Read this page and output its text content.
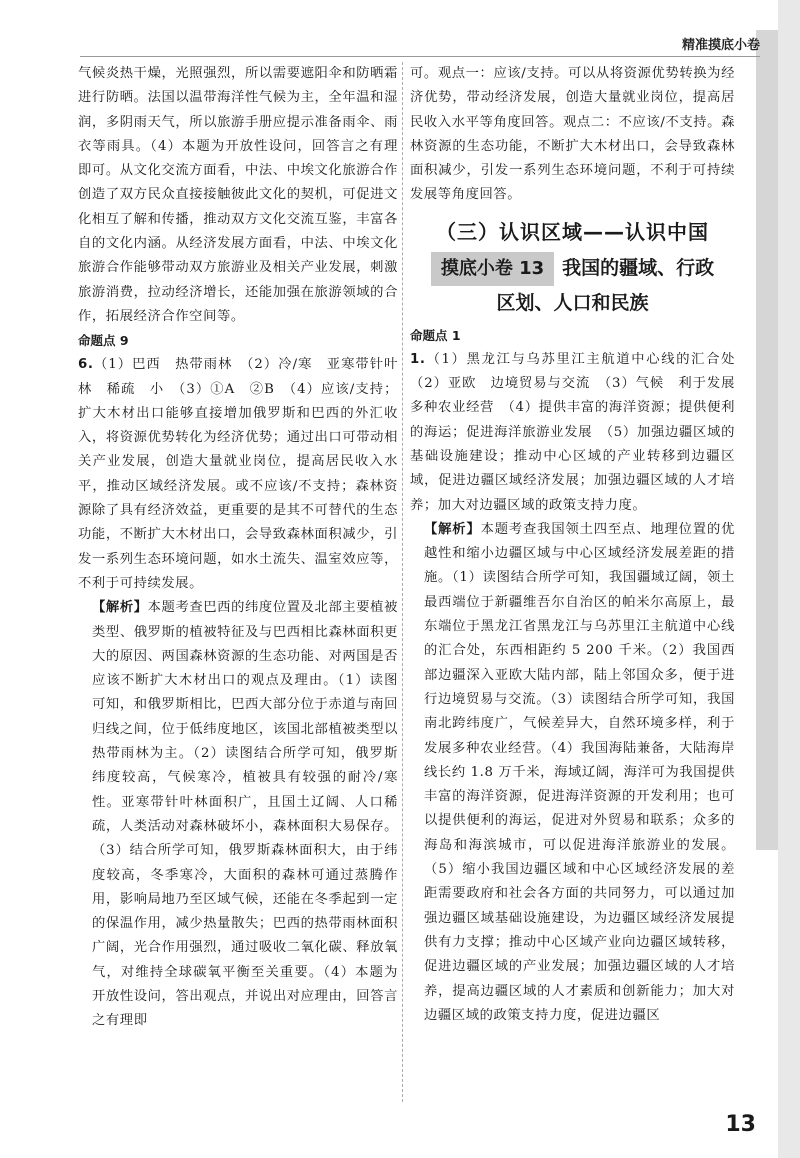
精准摸底小卷

气候炎热干燥，光照强烈，所以需要遮阳伞和防晒霜进行防晒。法国以温带海洋性气候为主，全年温和湿润，多阴雨天气，所以旅游手册应提示准备雨伞、雨衣等雨具。（4）本题为开放性设问，回答言之有理即可。从文化交流方面看，中法、中埃文化旅游合作创造了双方民众直接接触彼此文化的契机，可促进文化相互了解和传播，推动双方文化交流互鉴，丰富各自的文化内涵。从经济发展方面看，中法、中埃文化旅游合作能够带动双方旅游业及相关产业发展，刺激旅游消费，拉动经济增长，还能加强在旅游领域的合作，拓展经济合作空间等。

命题点 9

6.（1）巴西　热带雨林　（2）冷/寒　亚寒带针叶林　稀疏　小　（3）①A　②B　（4）应该/支持；扩大木材出口能够直接增加俄罗斯和巴西的外汇收入，将资源优势转化为经济优势；通过出口可带动相关产业发展，创造大量就业岗位，提高居民收入水平，推动区域经济发展。或不应该/不支持；森林资源除了具有经济效益，更重要的是其不可替代的生态功能，不断扩大木材出口，会导致森林面积减少，引发一系列生态环境问题，如水土流失、温室效应等，不利于可持续发展。

【解析】本题考查巴西的纬度位置及北部主要植被类型、俄罗斯的植被特征及与巴西相比森林面积更大的原因、两国森林资源的生态功能、对两国是否应该不断扩大木材出口的观点及理由。（1）读图可知，和俄罗斯相比，巴西大部分位于赤道与南回归线之间，位于低纬度地区，该国北部植被类型以热带雨林为主。（2）读图结合所学可知，俄罗斯纬度较高，气候寒冷，植被具有较强的耐冷/寒性。亚寒带针叶林面积广，且国土辽阔、人口稀疏，人类活动对森林破坏小，森林面积大易保存。（3）结合所学可知，俄罗斯森林面积大，由于纬度较高，冬季寒冷，大面积的森林可通过蒸腾作用，影响局地乃至区域气候，还能在冬季起到一定的保温作用，减少热量散失；巴西的热带雨林面积广阔，光合作用强烈，通过吸收二氧化碳、释放氧气，对维持全球碳氧平衡至关重要。（4）本题为开放性设问，答出观点，并说出对应理由，回答言之有理即

可。观点一：应该/支持。可以从将资源优势转换为经济优势，带动经济发展，创造大量就业岗位，提高居民收入水平等角度回答。观点二：不应该/不支持。森林资源的生态功能，不断扩大木材出口，会导致森林面积减少，引发一系列生态环境问题，不利于可持续发展等角度回答。

（三）认识区域——认识中国
摸底小卷 13 我国的疆域、行政
区划、人口和民族

命题点 1

1.（1）黑龙江与乌苏里江主航道中心线的汇合处　（2）亚欧　边境贸易与交流　（3）气候　利于发展多种农业经营　（4）提供丰富的海洋资源；提供便利的海运；促进海洋旅游业发展　（5）加强边疆区域的基础设施建设；推动中心区域的产业转移到边疆区域，促进边疆区域经济发展；加强边疆区域的人才培养；加大对边疆区域的政策支持力度。

【解析】本题考查我国领土四至点、地理位置的优越性和缩小边疆区域与中心区域经济发展差距的措施。（1）读图结合所学可知，我国疆域辽阔，领土最西端位于新疆维吾尔自治区的帕米尔高原上，最东端位于黑龙江省黑龙江与乌苏里江主航道中心线的汇合处，东西相距约 5 200 千米。（2）我国西部边疆深入亚欧大陆内部，陆上邻国众多，便于进行边境贸易与交流。（3）读图结合所学可知，我国南北跨纬度广，气候差异大，自然环境多样，利于发展多种农业经营。（4）我国海陆兼备，大陆海岸线长约 1.8 万千米，海域辽阔，海洋可为我国提供丰富的海洋资源，促进海洋资源的开发利用；也可以提供便利的海运，促进对外贸易和联系；众多的海岛和海滨城市，可以促进海洋旅游业的发展。（5）缩小我国边疆区域和中心区域经济发展的差距需要政府和社会各方面的共同努力，可以通过加强边疆区域基础设施建设，为边疆区域经济发展提供有力支撑；推动中心区域产业向边疆区域转移，促进边疆区域的产业发展；加强边疆区域的人才培养，提高边疆区域的人才素质和创新能力；加大对边疆区域的政策支持力度，促进边疆区

13
